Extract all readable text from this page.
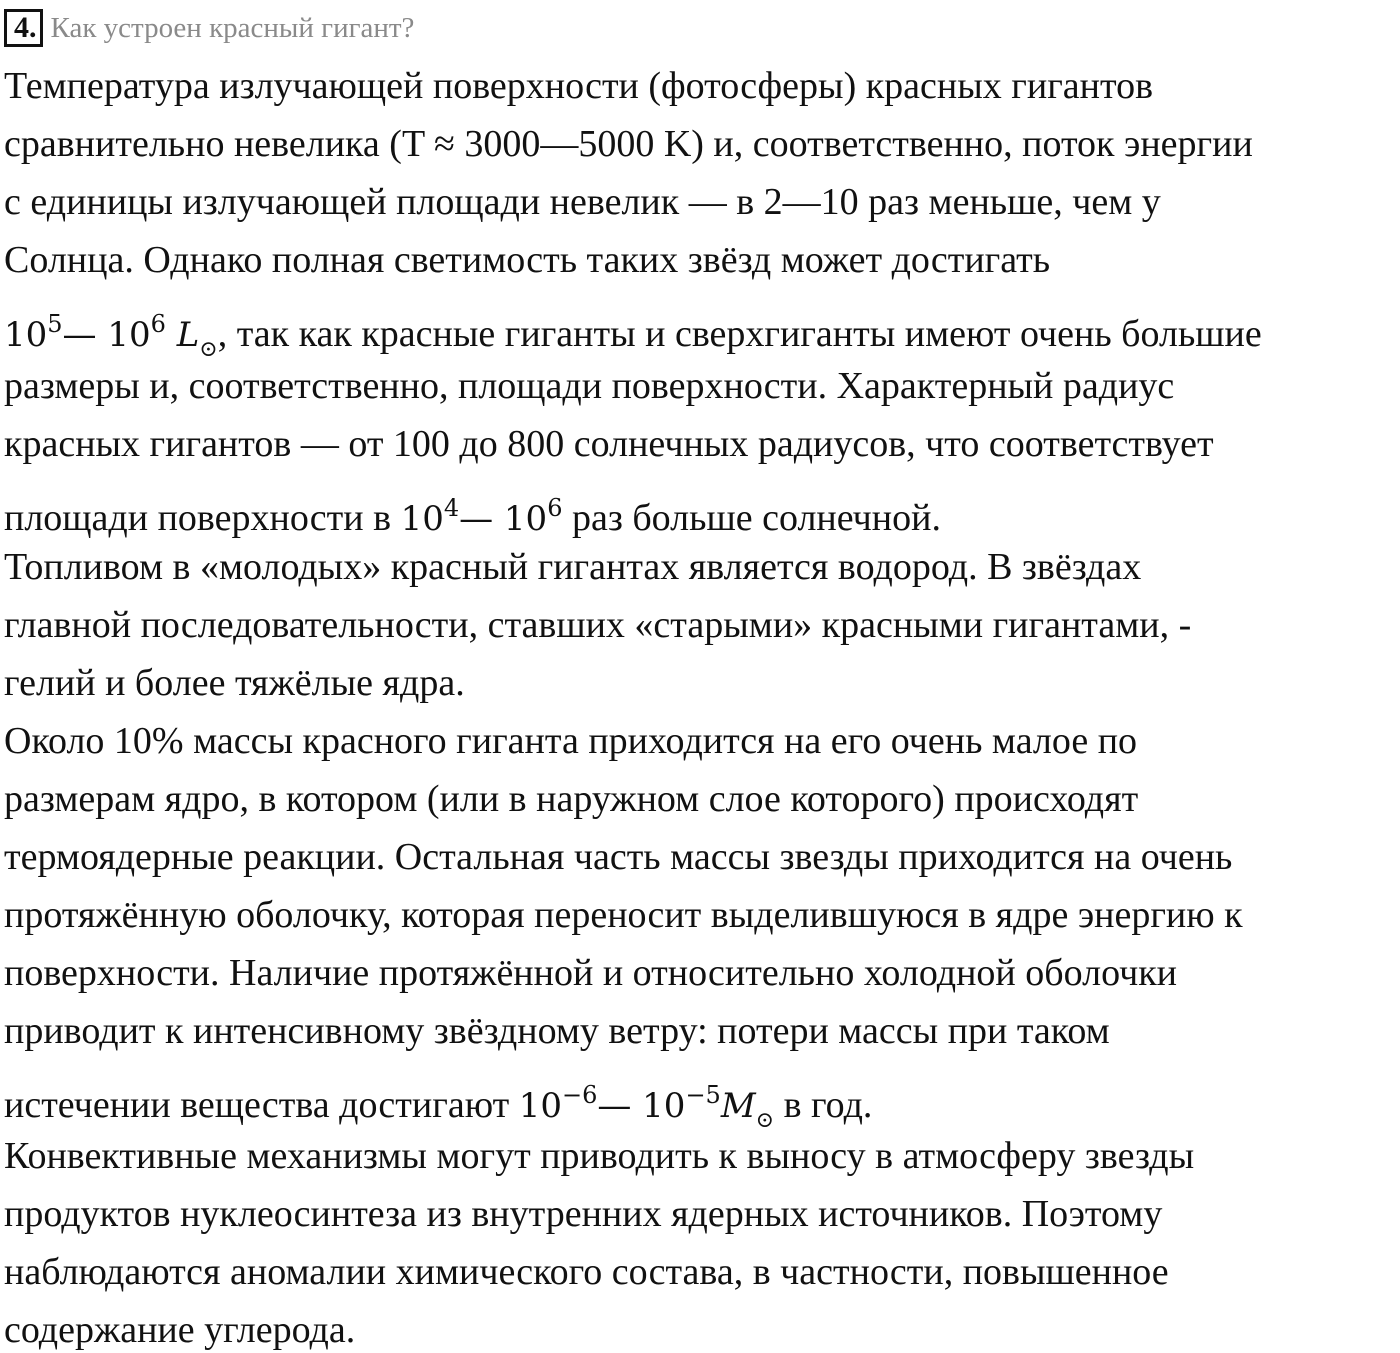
4. Как устроен красный гигант?
Температура излучающей поверхности (фотосферы) красных гигантов
сравнительно невелика (T ≈ 3000—5000 K) и, соответственно, поток энергии
с единицы излучающей площади невелик — в 2—10 раз меньше, чем у
Солнца. Однако полная светимость таких звёзд может достигать
$10^5—$ $10^6$ $L_⊙$, так как красные гиганты и сверхгиганты имеют очень большие
размеры и, соответственно, площади поверхности. Характерный радиус
красных гигантов — от 100 до 800 солнечных радиусов, что соответствует
площади поверхности в $10^4—$ $10^6$ раз больше солнечной.
Топливом в «молодых» красный гигантах является водород. В звёздах
главной последовательности, ставших «старыми» красными гигантами, -
гелий и более тяжёлые ядра.
Около 10% массы красного гиганта приходится на его очень малое по
размерам ядро, в котором (или в наружном слое которого) происходят
термоядерные реакции. Остальная часть массы звезды приходится на очень
протяжённую оболочку, которая переносит выделившуюся в ядре энергию к
поверхности. Наличие протяжённой и относительно холодной оболочки
приводит к интенсивному звёздному ветру: потери массы при таком
истечении вещества достигают $10^{-6}—$ $10^{-5}M_⊙$ в год.
Конвективные механизмы могут приводить к выносу в атмосферу звезды
продуктов нуклеосинтеза из внутренних ядерных источников. Поэтому
наблюдаются аномалии химического состава, в частности, повышенное
содержание углерода.
